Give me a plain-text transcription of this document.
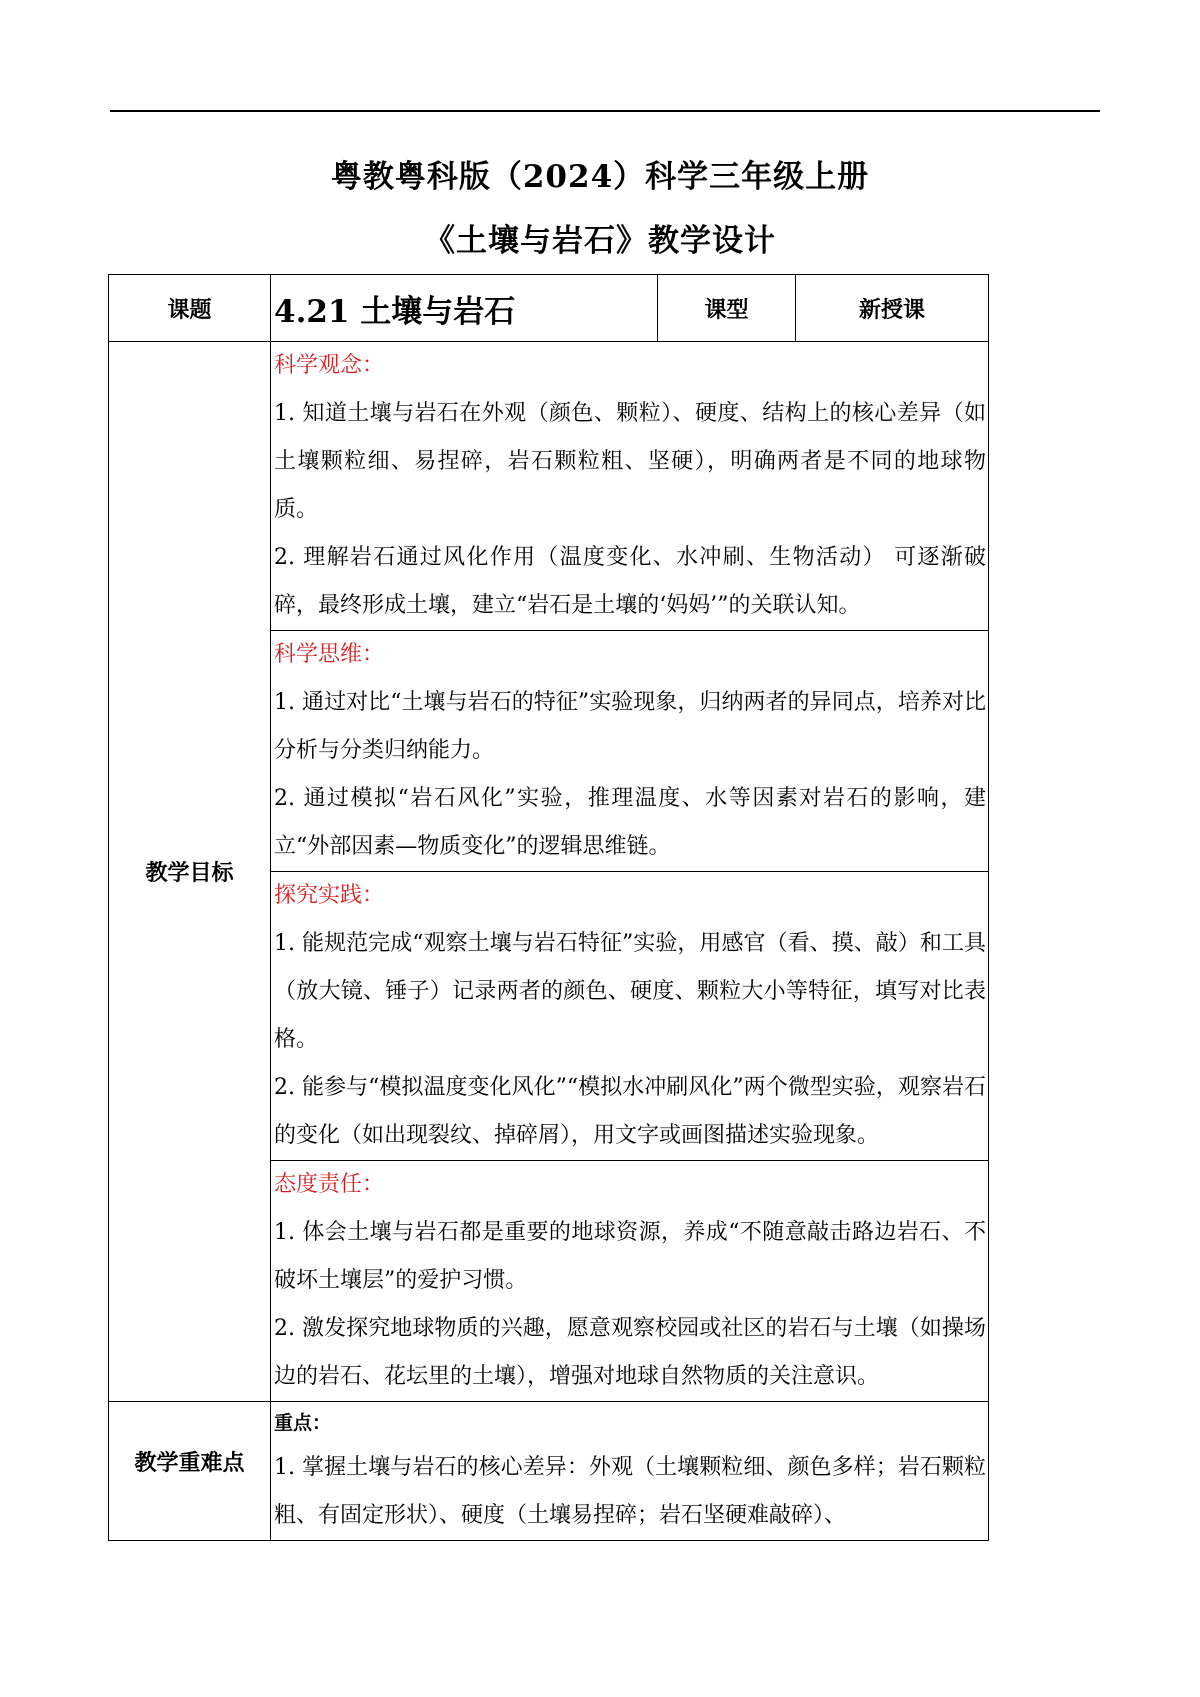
粤教粤科版（2024）科学三年级上册
《土壤与岩石》教学设计
课题	4.21 土壤与岩石	课型	新授课
教学目标	科学观念：

1. 知道土壤与岩石在外观（颜色、颗粒）、硬度、结构上的核心差异（如土壤颗粒细、易捏碎，岩石颗粒粗、坚硬），明确两者是不同的地球物质。

2. 理解岩石通过风化作用（温度变化、水冲刷、生物活动） 可逐渐破碎，最终形成土壤，建立“岩石是土壤的‘妈妈’”的关联认知。		

	科学思维：

1. 通过对比“土壤与岩石的特征”实验现象，归纳两者的异同点，培养对比分析与分类归纳能力。

2. 通过模拟“岩石风化”实验，推理温度、水等因素对岩石的影响，建立“外部因素—物质变化”的逻辑思维链。		

	探究实践：

1. 能规范完成“观察土壤与岩石特征”实验，用感官（看、摸、敲）和工具（放大镜、锤子）记录两者的颜色、硬度、颗粒大小等特征，填写对比表格。

2. 能参与“模拟温度变化风化”“模拟水冲刷风化”两个微型实验，观察岩石的变化（如出现裂纹、掉碎屑），用文字或画图描述实验现象。		

	态度责任：

1. 体会土壤与岩石都是重要的地球资源，养成“不随意敲击路边岩石、不破坏土壤层”的爱护习惯。

2. 激发探究地球物质的兴趣，愿意观察校园或社区的岩石与土壤（如操场边的岩石、花坛里的土壤），增强对地球自然物质的关注意识。		

教学重难点	重点：

1. 掌握土壤与岩石的核心差异：外观（土壤颗粒细、颜色多样；岩石颗粒粗、有固定形状）、硬度（土壤易捏碎；岩石坚硬难敲碎）、		
